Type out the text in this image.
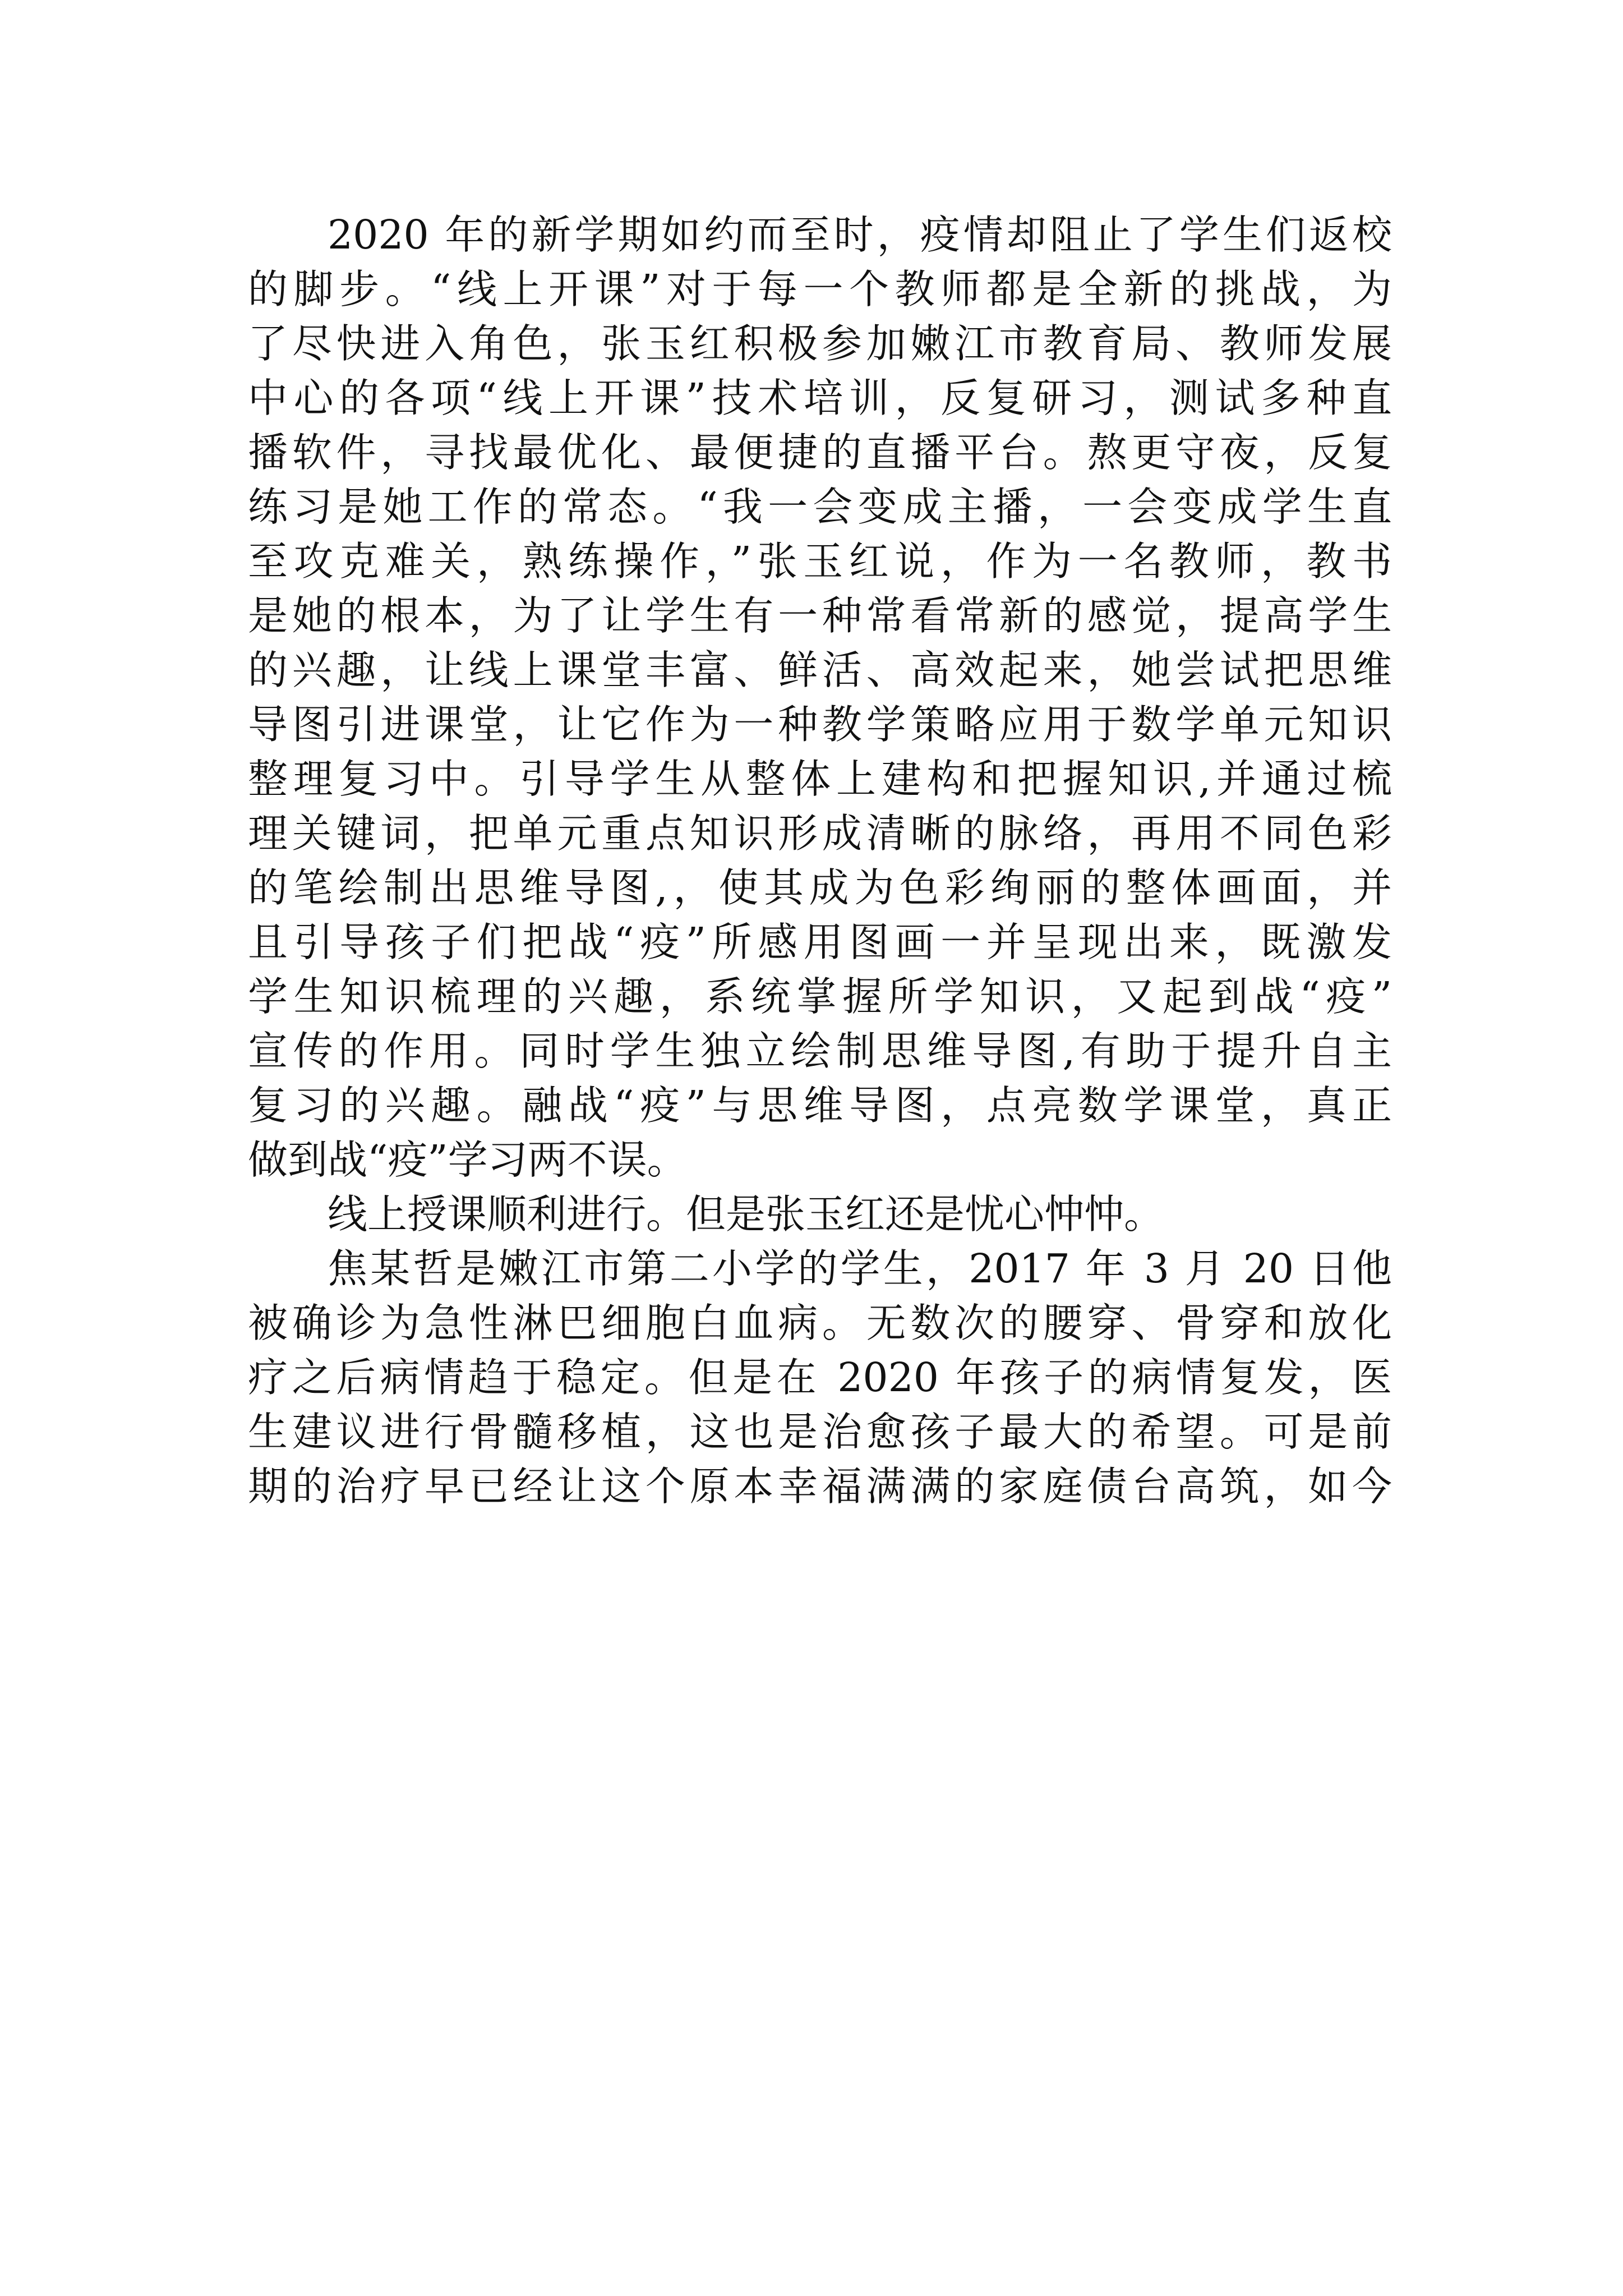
2020 年的新学期如约而至时，疫情却阻止了学生们返校
的脚步。“线上开课”对于每一个教师都是全新的挑战，为
了尽快进入角色，张玉红积极参加嫩江市教育局、教师发展
中心的各项“线上开课”技术培训，反复研习，测试多种直
播软件，寻找最优化、最便捷的直播平台。熬更守夜，反复
练习是她工作的常态。“我一会变成主播，一会变成学生直
至攻克难关，熟练操作，”张玉红说，作为一名教师，教书
是她的根本，为了让学生有一种常看常新的感觉，提高学生
的兴趣，让线上课堂丰富、鲜活、高效起来，她尝试把思维
导图引进课堂，让它作为一种教学策略应用于数学单元知识
整理复习中。引导学生从整体上建构和把握知识,并通过梳
理关键词，把单元重点知识形成清晰的脉络，再用不同色彩
的笔绘制出思维导图,，使其成为色彩绚丽的整体画面，并
且引导孩子们把战“疫”所感用图画一并呈现出来，既激发
学生知识梳理的兴趣，系统掌握所学知识，又起到战“疫”
宣传的作用。同时学生独立绘制思维导图,有助于提升自主
复习的兴趣。融战“疫”与思维导图，点亮数学课堂，真正
做到战“疫”学习两不误。
线上授课顺利进行。但是张玉红还是忧心忡忡。
焦某哲是嫩江市第二小学的学生，2017 年 3 月 20 日他
被确诊为急性淋巴细胞白血病。无数次的腰穿、骨穿和放化
疗之后病情趋于稳定。但是在 2020 年孩子的病情复发，医
生建议进行骨髓移植，这也是治愈孩子最大的希望。可是前
期的治疗早已经让这个原本幸福满满的家庭债台高筑，如今
